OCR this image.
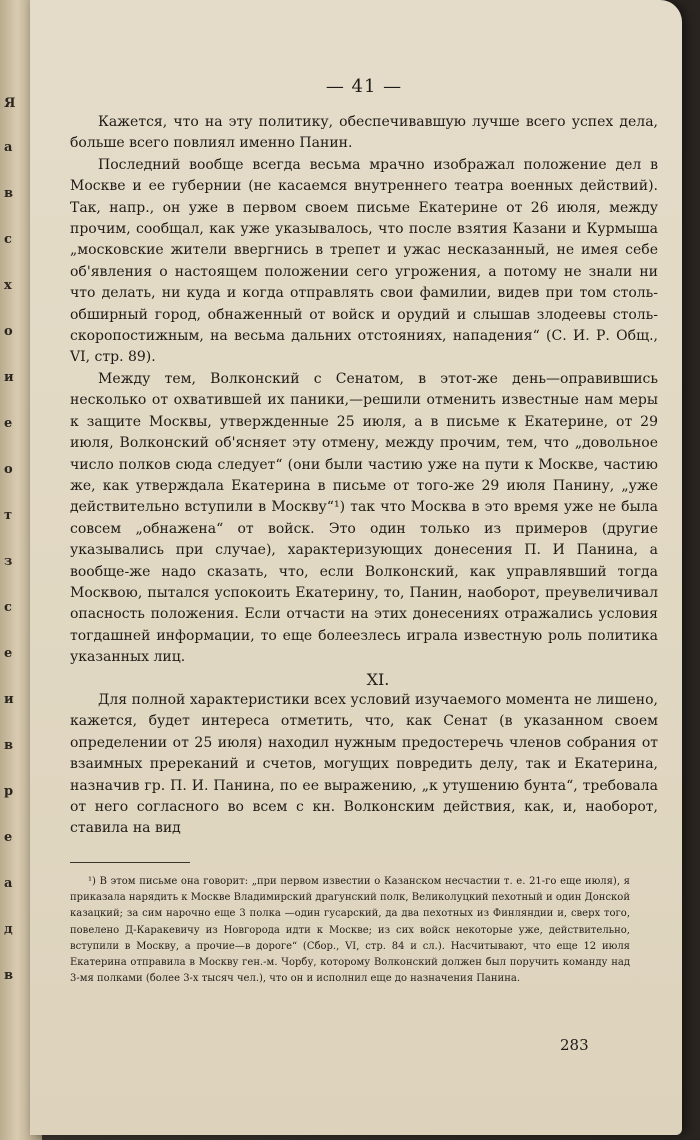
Я
а
в
с
х
о
и
е
о
т
з
с
е
и
в
р
е
а
д
в
— 41 —

Кажется, что на эту политику, обеспечивавшую лучше всего успех дела, больше всего повлиял именно Панин.

Последний вообще всегда весьма мрачно изображал положение дел в Москве и ее губернии (не касаемся внутреннего театра военных действий). Так, напр., он уже в первом своем письме Екатерине от 26 июля, между прочим, сообщал, как уже указывалось, что после взятия Казани и Курмыша „московские жители ввергнись в трепет и ужас несказанный, не имея себе об'явления о настоящем положении сего угрожения, а потому не знали ни что делать, ни куда и когда отправлять свои фамилии, видев при том столь-обширный город, обнаженный от войск и орудий и слышав злодеевы столь-скоропостижным, на весьма дальних отстояниях, нападения“ (С. И. Р. Общ., VI, стр. 89).

Между тем, Волконский с Сенатом, в этот-же день—оправившись несколько от охватившей их паники,—решили отменить известные нам меры к защите Москвы, утвержденные 25 июля, а в письме к Екатерине, от 29 июля, Волконский об'ясняет эту отмену, между прочим, тем, что „довольное число полков сюда следует“ (они были частию уже на пути к Москве, частию же, как утверждала Екатерина в письме от того-же 29 июля Панину, „уже действительно вступили в Москву“¹) так что Москва в это время уже не была совсем „обнажена“ от войск. Это один только из примеров (другие указывались при случае), характеризующих донесения П. И Панина, а вообще-же надо сказать, что, если Волконский, как управлявший тогда Москвою, пытался успокоить Екатерину, то, Панин, наоборот, преувеличивал опасность положения. Если отчасти на этих донесениях отражались условия тогдашней информации, то еще болеезлесь играла известную роль политика указанных лиц.

XI.

Для полной характеристики всех условий изучаемого момента не лишено, кажется, будет интереса отметить, что, как Сенат (в указанном своем определении от 25 июля) находил нужным предостеречь членов собрания от взаимных пререканий и счетов, могущих повредить делу, так и Екатерина, назначив гр. П. И. Панина, по ее выражению, „к утушению бунта“, требовала от него согласного во всем с кн. Волконским действия, как, и, наоборот, ставила на вид

¹) В этом письме она говорит: „при первом известии о Казанском несчастии т. е. 21-го еще июля), я приказала нарядить к Москве Владимирский драгунский полк, Великолуцкий пехотный и один Донской казацкий; за сим нарочно еще 3 полка —один гусарский, да два пехотных из Финляндии и, сверх того, повелено Д-Каракевичу из Новгорода идти к Москве; из сих войск некоторые уже, действительно, вступили в Москву, а прочие—в дороге“ (Сбор., VI, стр. 84 и сл.). Насчитывают, что еще 12 июля Екатерина отправила в Москву ген.-м. Чорбу, которому Волконский должен был поручить команду над 3-мя полками (более 3-х тысяч чел.), что он и исполнил еще до назначения Панина.

283
